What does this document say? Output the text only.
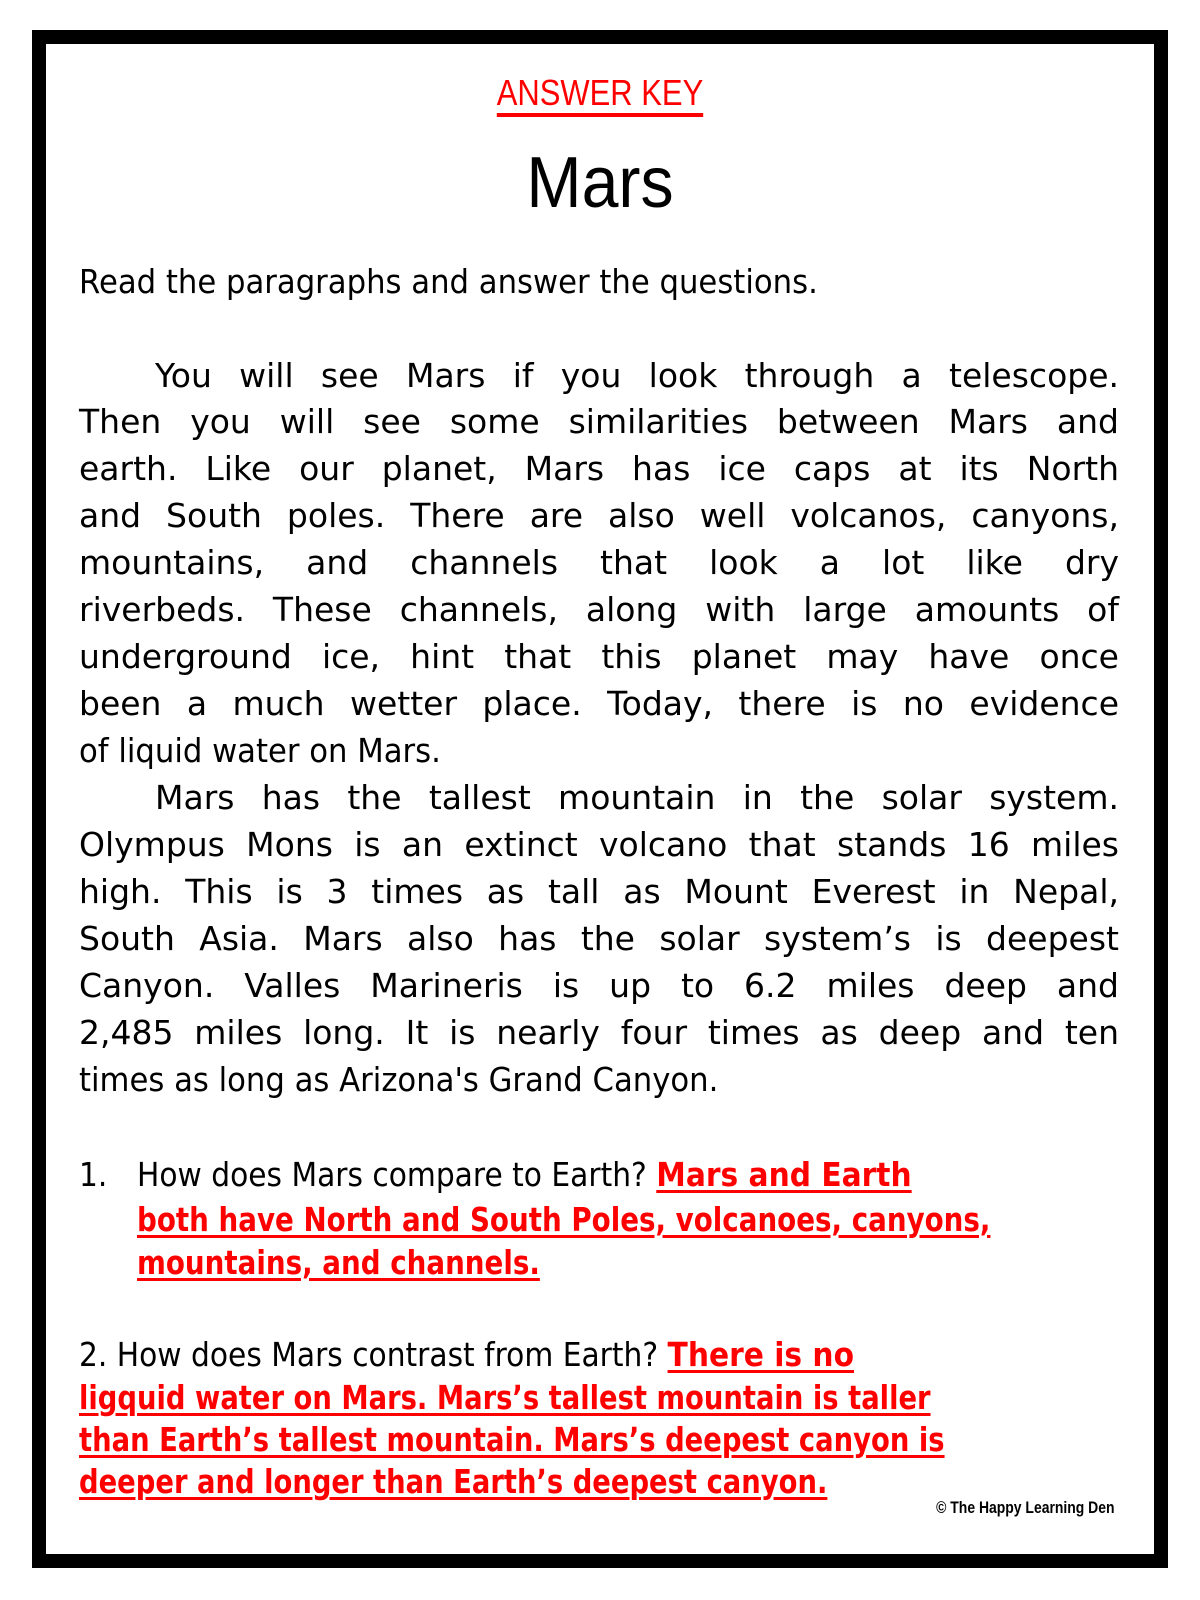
ANSWER KEY
Mars
Read the paragraphs and answer the questions.
You will see Mars if you look through a telescope.
Then you will see some similarities between Mars and
earth. Like our planet, Mars has ice caps at its North
and South poles. There are also well volcanos, canyons,
mountains, and channels that look a lot like dry
riverbeds. These channels, along with large amounts of
underground ice, hint that this planet may have once
been a much wetter place. Today, there is no evidence
of liquid water on Mars.
Mars has the tallest mountain in the solar system.
Olympus Mons is an extinct volcano that stands 16 miles
high. This is 3 times as tall as Mount Everest in Nepal,
South Asia. Mars also has the solar system’s is deepest
Canyon. Valles Marineris is up to 6.2 miles deep and
2,485 miles long. It is nearly four times as deep and ten
times as long as Arizona's Grand Canyon.
1. How does Mars compare to Earth? Mars and Earth
both have North and South Poles, volcanoes, canyons,
mountains, and channels.
2. How does Mars contrast from Earth? There is no
ligquid water on Mars. Mars’s tallest mountain is taller
than Earth’s tallest mountain. Mars’s deepest canyon is
deeper and longer than Earth’s deepest canyon.
© The Happy Learning Den
